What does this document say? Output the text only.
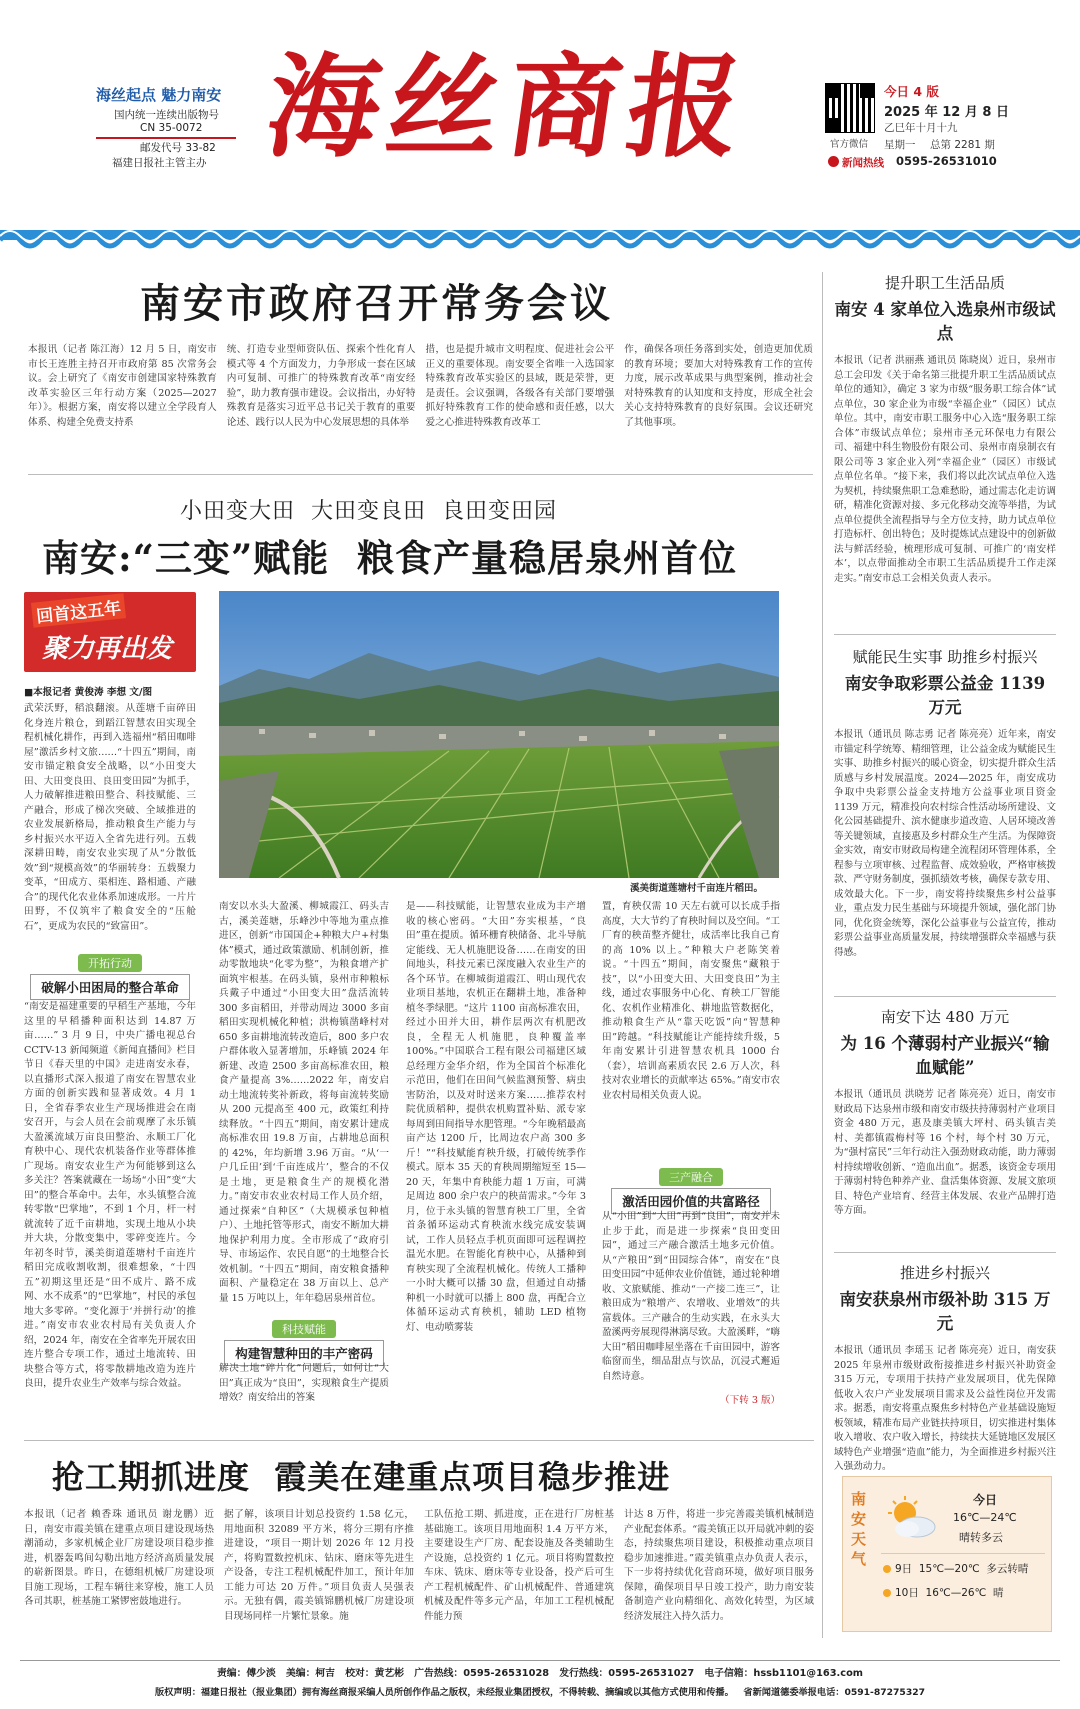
海丝起点 魅力南安
国内统一连续出版物号
CN 35-0072
邮发代号 33-82
福建日报社主管主办 海丝商报	官方微信
今日 4 版
2025 年 12 月 8 日
乙巳年十月十九
星期一 总第 2281 期
新闻热线 0595-26531010
南安市政府召开常务会议
本报讯（记者 陈江海）12 月 5 日，南安市市长王连胜主持召开市政府第 85 次常务会议。会上研究了《南安市创建国家特殊教育改革实验区三年行动方案（2025—2027 年）》。根据方案，南安将以建立全学段育人体系、构建全免费支持系
统、打造专业型师资队伍、探索个性化育人模式等 4 个方面发力，力争形成一套在区域内可复制、可推广的特殊教育改革“南安经验”，助力教育强市建设。会议指出，办好特殊教育是落实习近平总书记关于教育的重要论述、践行以人民为中心发展思想的具体举
措，也是提升城市文明程度、促进社会公平正义的重要体现。南安要全省唯一入选国家特殊教育改革实验区的县域，既是荣誉，更是责任。会议强调，各级各有关部门要增强抓好特殊教育工作的使命感和责任感，以大爱之心推进特殊教育改革工
作，确保各项任务落到实处，创造更加优质的教育环境；要加大对特殊教育工作的宣传力度，展示改革成果与典型案例，推动社会对特殊教育的认知度和支持度，形成全社会关心支持特殊教育的良好氛围。会议还研究了其他事项。
小田变大田  大田变良田  良田变田园
南安:“三变”赋能  粮食产量稳居泉州首位
回首这五年
聚力再出发
■本报记者 黄俊涛 李想 文/图
溪美街道莲塘村千亩连片稻田。
武荣沃野，稻浪翻滚。从莲塘千亩碎田化身连片粮仓，到蹈江智慧农田实现全程机械化耕作，再到入选福州“稻田咖啡屋”激活乡村文旅……“十四五”期间，南安市锚定粮食安全战略，以“小田变大田、大田变良田、良田变田园”为抓手，人力破解推进粮田整合、科技赋能、三产融合，形成了梯次突破、全域推进的农业发展新格局，推动粮食生产能力与乡村振兴水平迈入全省先进行列。五载深耕田畴，南安农业实现了从“分散低效”到“规模高效”的华丽转身：五载聚力变革，“田成方、渠相连、路相通、产融合”的现代化农业体系加速成形。一片片田野，不仅筑牢了粮食安全的“压舱石”，更成为农民的“致富田”。
开拓行动
破解小田困局的整合革命
“南安是福建重要的早稻生产基地，今年这里的早稻播种面积达到 14.87 万亩……” 3 月 9 日，中央广播电视总台 CCTV-13 新闻频道《新闻直播间》栏目节日《春天里的中国》走进南安永春，以直播形式深入报道了南安在智慧农业方面的创新实践和显著成效。4 月 1 日，全省春季农业生产现场推进会在南安召开，与会人员在会前观摩了永乐镇大盈溪流域万亩良田整治、永顺工厂化育秧中心、现代农机装备作业等群体推广现场。南安农业生产为何能够到这么多关注？答案就藏在一场场“小田”变“大田”的整合革命中。去年，水头镇整合流转零散“巴掌地”，不到 1 个月，杆一村就流转了近千亩耕地，实现土地从小块并大块，分散变集中，零碎变连片。今年初冬时节，溪美街道莲塘村千亩连片稻田完成收割收割，很难想象，“十四五”初期这里还是“田不成片、路不成网、水不成系”的“巴掌地”，村民的承包地大多零碎。“变化源于‘并拼行动’的推进。”南安市农业农村局有关负责人介绍，2024 年，南安在全省率先开展农田连片整合专项工作，通过土地流转、田块整合等方式，将零散耕地改造为连片良田，提升农业生产效率与综合效益。
南安以水头大盈溪、柳城霞江、码头吉古，溪美莲塘，乐峰沙中等地为重点推进区，创新“市国国企+种粮大户+村集体”模式，通过政策激励、机制创新，推动零散地块“化零为整”，为粮食增产扩面筑牢根基。在码头镇，泉州市种粮标兵戴子中通过“小田变大田”盘活流转 300 多亩稻田，并带动周边 3000 多亩稻田实现机械化种植；洪梅镇凿峰村对 650 多亩耕地流转改造后，800 多户农户群体收入显著增加，乐峰镇 2024 年新建、改造 2500 多亩高标准农田，粮食产量提高 3%……2022 年，南安启动土地流转奖补新政，将每亩流转奖励从 200 元提高至 400 元，政策红利持续释放。“十四五”期间，南安累计建成高标准农田 19.8 万亩，占耕地总面积的 42%，年均新增 3.96 万亩。“从‘一户几丘田’到‘千亩连成片’，整合的不仅是土地，更是粮食生产的规模化潜力。”南安市农业农村局工作人员介绍，通过探索“自种区”（大规模承包种植户）、土地托管等形式，南安不断加大耕地保护利用力度。全市形成了“政府引导、市场运作、农民自愿”的土地整合长效机制。“十四五”期间，南安粮食播种面积、产量稳定在 38 万亩以上、总产量 15 万吨以上，年年稳居泉州首位。
科技赋能
构建智慧种田的丰产密码
解决土地“碎片化”问题后，如何让“大田”真正成为“良田”，实现粮食生产提质增效？南安给出的答案
是——科技赋能，让智慧农业成为丰产增收的核心密码。“大田”夯实根基，“良田”重在提质。循环栅育秧储备、北斗导航定能线、无人机施肥设备……在南安的田间地头，科技元素已深度融入农业生产的各个环节。在柳城街道霞江、明山现代农业项目基地，农机正在翻耕土地，准备种植冬季绿肥。“这片 1100 亩高标准农田，经过小田并大田，耕作层两次有机肥改良，全程无人机施肥，良种覆盖率 100%。”中国联合工程有限公司福建区域总经理方金华介绍，作为全国首个标准化示范田，他们在田间气候监测预警、病虫害防治，以及对时送来方案……推荐农村院优质稻种，提供农机购置补贴、派专家每周到田间指导水肥管理。“今年晚稻最高亩产达 1200 斤，比周边农户高 300 多斤！”“科技赋能育秧升级，打破传统季作模式。原本 35 天的育秧周期缩短至 15—20 天，年集中育秧能力超 1 万亩，可满足周边 800 余户农户的秧苗需求。”今年 3 月，位于永头镇的智慧育秧工厂里，全省首条循环运动式育秧流水线完成安装调试，工作人员轻点手机页面即可远程调控温光水肥。在智能化育秧中心，从播种到育秧实现了全流程机械化。传统人工播种一小时大概可以播 30 盘，但通过自动播种机一小时就可以播上 800 盘，再配合立体循环运动式育秧机，辅助 LED 植物灯、电动喷雾装
置，育秧仅需 10 天左右就可以长成手指高度，大大节约了育秧时间以及空间。“工厂育的秧苗整齐健壮，成活率比我自己育的高 10% 以上。”种粮大户老陈笑着说。“十四五”期间，南安聚焦“藏粮于技”，以“小田变大田、大田变良田”为主线，通过农事服务中心化、育秧工厂智能化、农机作业精准化、耕地监管数据化，推动粮食生产从“靠天吃饭”向“智慧种田”跨越。“科技赋能让产能持续升级，5 年南安累计引进智慧农机具 1000 台（套），培训高素质农民 2.6 万人次，科技对农业增长的贡献率达 65%。”南安市农业农村局相关负责人说。
三产融合
激活田园价值的共富路径
从“小田”到“大田”再到“良田”，南安并未止步于此，而是进一步探索“良田变田园”，通过三产融合激活土地多元价值。从“产粮田”到“田园综合体”，南安在“良田变田园”中延伸农业价值链，通过轮种增收、文旅赋能、推动“一产接二连三”，让粮田成为“粮增产、农增收、业增效”的共富载体。三产融合的生动实践，在永头大盈溪两旁展现得淋漓尽致。大盈溪畔，“嗨大田”稻田咖啡屋坐落在千亩田园中，游客临窗而坐，细品甜点与饮品，沉浸式邂逅自然诗意。
（下转 3 版）
抢工期抓进度  霞美在建重点项目稳步推进
本报讯（记者 赖香珠 通讯员 谢龙鹏）近日，南安市霞美镇在建重点项目建设现场热潮涌动，多家机械企业厂房建设项目稳步推进，机器轰鸣间勾勒出地方经济高质量发展的崭新图景。昨日，在德组机械厂房建设项目施工现场，工程车辆往来穿梭，施工人员各司其职，桩基施工紧锣密鼓地进行。
据了解，该项目计划总投资约 1.58 亿元，用地面积 32089 平方米，将分三期有序推进建设，“项目一期计划 2026 年 12 月投产，将购置数控机床、钻床、磨床等先进生产设备，专注工程机械配件加工，预计年加工能力可达 20 万件。”项目负责人吴强表示。无独有偶，霞美镇锦鹏机械厂房建设项目现场同样一片繁忙景象。施
工队伍抢工期、抓进度，正在进行厂房桩基基础施工。该项目用地面积 1.4 万平方米，主要建设生产厂房、配套设施及各类辅助生产设施，总投资约 1 亿元。项目将购置数控车床、铣床、磨床等专业设备，投产后可生产工程机械配件、矿山机械配件、普通建筑机械及配件等多元产品，年加工工程机械配件能力预
计达 8 万件，将进一步完善霞美镇机械制造产业配套体系。“霞美镇正以开局就冲刺的姿态，持续聚焦项目建设，积极推动重点项目稳步加速推进。”霞美镇重点办负责人表示，下一步将持续优化营商环境，做好项目服务保障，确保项目早日竣工投产，助力南安装备制造产业向精细化、高效化转型，为区域经济发展注入持久活力。
提升职工生活品质
南安 4 家单位入选泉州市级试点
本报讯（记者 洪丽燕 通讯员 陈晓岚）近日，泉州市总工会印发《关于命名第三批提升职工生活品质试点单位的通知》，确定 3 家为市级“服务职工综合体”试点单位，30 家企业为市级“幸福企业”（园区）试点单位。其中，南安市职工服务中心入选“服务职工综合体”市级试点单位；泉州市圣元环保电力有限公司、福建中科生物股份有限公司、泉州市南泉制衣有限公司等 3 家企业入列“幸福企业”（园区）市级试点单位名单。“接下来，我们将以此次试点单位入选为契机，持续聚焦职工急难愁盼，通过需志化走访调研，精准化资源对接、多元化移动交流等举措，为试点单位提供全流程指导与全方位支持，助力试点单位打造标杆、创出特色；及时提炼试点建设中的创新做法与鲜活经验，梳理形成可复制、可推广的‘南安样本’，以点带面推动全市职工生活品质提升工作走深走实。”南安市总工会相关负责人表示。
赋能民生实事 助推乡村振兴
南安争取彩票公益金 1139 万元
本报讯（通讯员 陈志勇 记者 陈亮亮）近年来，南安市锚定科学统筹、精细管理，让公益金成为赋能民生实事、助推乡村振兴的暖心资金，切实提升群众生活质感与乡村发展温度。2024—2025 年，南安成功争取中央彩票公益金支持地方公益事业项目资金 1139 万元，精准投向农村综合性活动场所建设、文化公园基础提升、滨水健康步道改造、人居环境改善等关键领域，直接惠及乡村群众生产生活。为保障资金实效，南安市财政局构建全流程闭环管理体系，全程参与立项审核、过程监督、成效验收，严格审核拨款、严守财务制度，强抓绩效考核，确保专款专用、成效最大化。下一步，南安将持续聚焦乡村公益事业，重点发力民生基础与环境提升领域，强化部门协同，优化资金统筹，深化公益事业与公益宣传，推动彩票公益事业高质量发展，持续增强群众幸福感与获得感。
南安下达 480 万元
为 16 个薄弱村产业振兴“输血赋能”
本报讯（通讯员 洪晓芳 记者 陈亮亮）近日，南安市财政局下达泉州市级和南安市级扶持薄弱村产业项目资金 480 万元，惠及康美镇大坪村、码头镇吉美村、美都镇霞梅村等 16 个村，每个村 30 万元，为“强村富民”三年行动注入强劲财政动能，助力薄弱村持续增收创新、“造血出血”。据悉，该资金专项用于薄弱村特色种养产业、盘活集体资源、发展文旅项目、特色产业培育、经营主体发展、农业产品牌打造等方面。
推进乡村振兴
南安获泉州市级补助 315 万元
本报讯（通讯员 李瑶玉 记者 陈亮亮）近日，南安获 2025 年泉州市级财政衔接推进乡村振兴补助资金 315 万元，专项用于扶持产业发展项目，优先保障低收入农户产业发展项目需求及公益性岗位开发需求。据悉，南安将重点聚焦乡村特色产业基础设施短板领域，精准布局产业链扶持项目，切实推进村集体收入增收、农户收入增长，持续扶大延链地区发展区域特色产业增强“造血”能力，为全面推进乡村振兴注入强劲动力。
南安天气
今日
16℃—24℃
晴转多云
9日  15℃—20℃  多云转晴
10日  16℃—26℃  晴
责编：傅少淡   美编：柯吉   校对：黄艺彬   广告热线：0595-26531028   发行热线：0595-26531027   电子信箱：hssb1101@163.com
版权声明：福建日报社（报业集团）拥有海丝商报采编人员所创作作品之版权，未经报业集团授权，不得转载、摘编或以其他方式使用和传播。   省新闻道德委举报电话：0591-87275327
